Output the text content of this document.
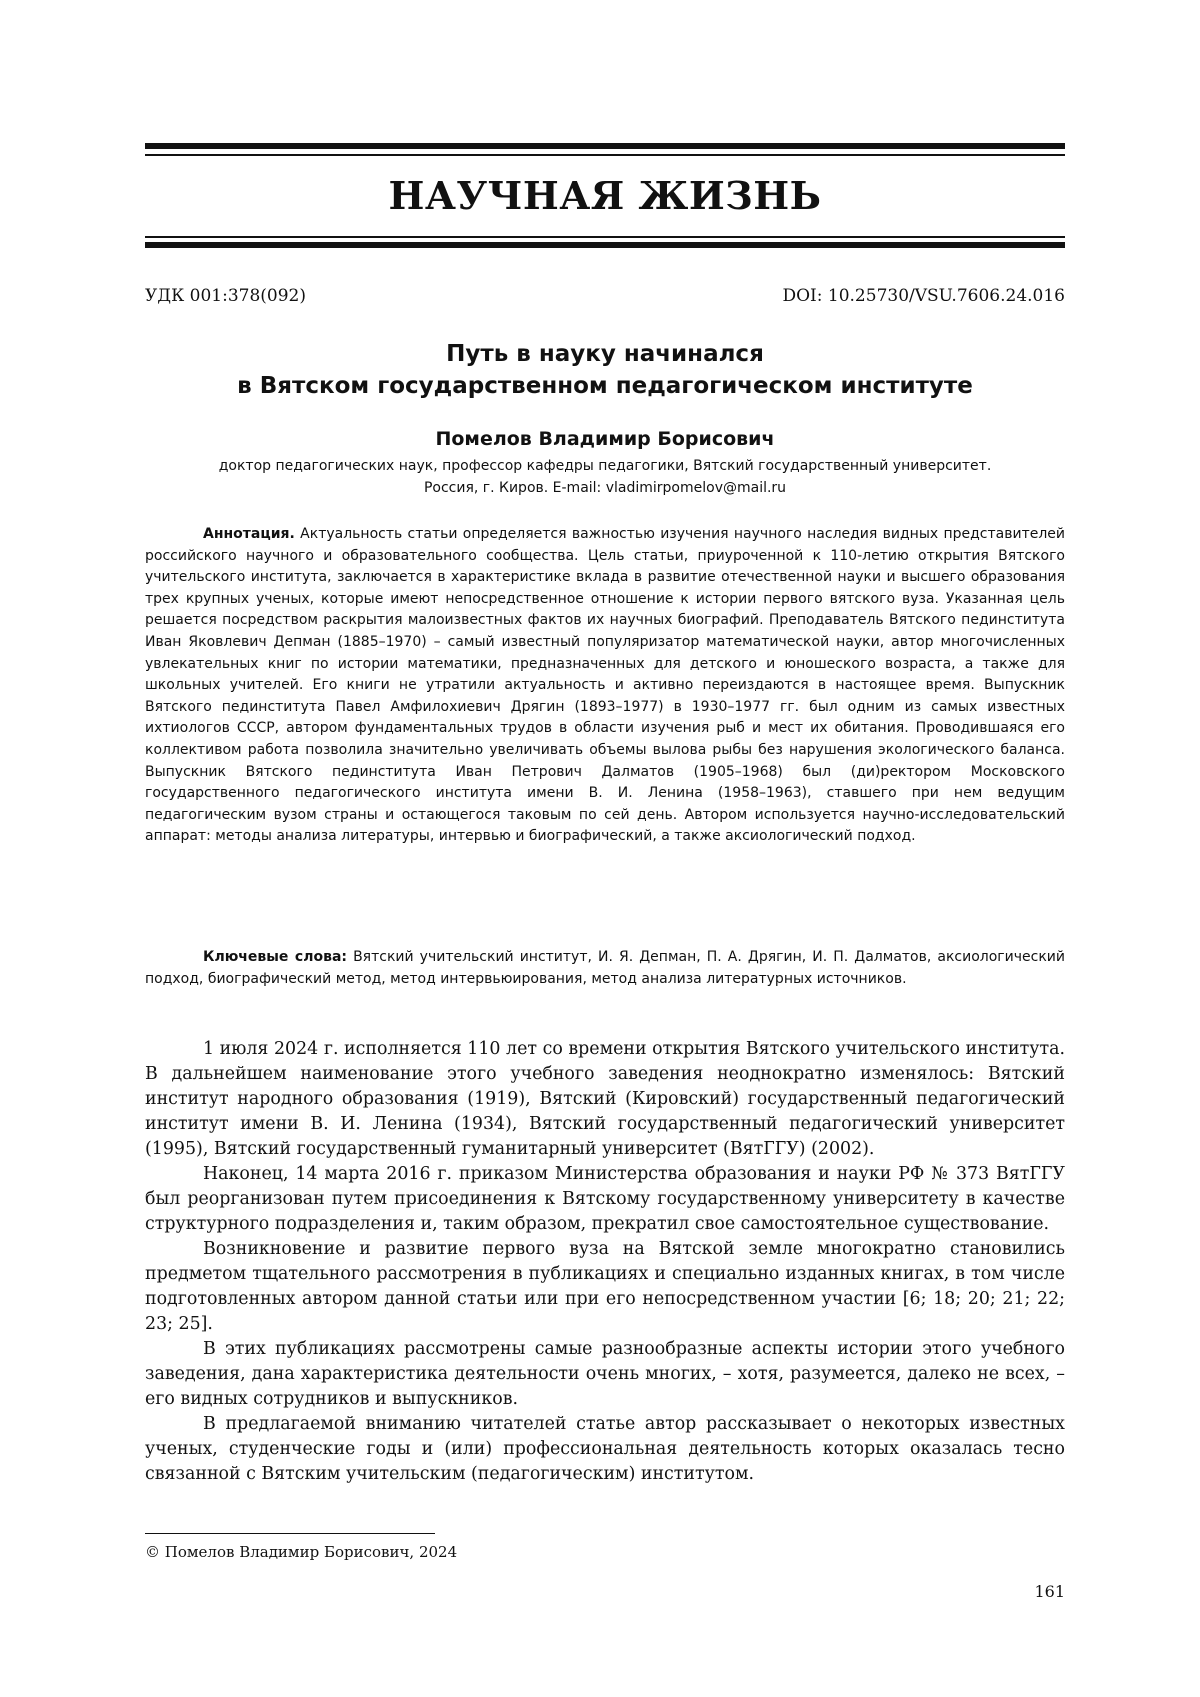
НАУЧНАЯ ЖИЗНЬ
УДК 001:378(092)	DOI: 10.25730/VSU.7606.24.016
Путь в науку начинался
в Вятском государственном педагогическом институте
Помелов Владимир Борисович
доктор педагогических наук, профессор кафедры педагогики, Вятский государственный университет.
Россия, г. Киров. E-mail: vladimirpomelov@mail.ru

Аннотация. Актуальность статьи определяется важностью изучения научного наследия видных представителей российского научного и образовательного сообщества. Цель статьи, приуроченной к 110-летию открытия Вятского учительского института, заключается в характеристике вклада в развитие отечественной науки и высшего образования трех крупных ученых, которые имеют непосредственное отношение к истории первого вятского вуза. Указанная цель решается посредством раскрытия малоизвестных фактов их научных биографий. Преподаватель Вятского пединститута Иван Яковлевич Депман (1885–1970) – самый известный популяризатор математической науки, автор многочисленных увлекательных книг по истории математики, предназначенных для детского и юношеского возраста, а также для школьных учителей. Его книги не утратили актуальность и активно переиздаются в настоящее время. Выпускник Вятского пединститута Павел Амфилохиевич Дрягин (1893–1977) в 1930–1977 гг. был одним из самых известных ихтиологов СССР, автором фундаментальных трудов в области изучения рыб и мест их обитания. Проводившаяся его коллективом работа позволила значительно увеличивать объемы вылова рыбы без нарушения экологического баланса. Выпускник Вятского пединститута Иван Петрович Далматов (1905–1968) был (ди)ректором Московского государственного педагогического института имени В. И. Ленина (1958–1963), ставшего при нем ведущим педагогическим вузом страны и остающегося таковым по сей день. Автором используется научно-исследовательский аппарат: методы анализа литературы, интервью и биографический, а также аксиологический подход.

Ключевые слова: Вятский учительский институт, И. Я. Депман, П. А. Дрягин, И. П. Далматов, аксиологический подход, биографический метод, метод интервьюирования, метод анализа литературных источников.

1 июля 2024 г. исполняется 110 лет со времени открытия Вятского учительского института. В дальнейшем наименование этого учебного заведения неоднократно изменялось: Вятский институт народного образования (1919), Вятский (Кировский) государственный педагогический институт имени В. И. Ленина (1934), Вятский государственный педагогический университет (1995), Вятский государственный гуманитарный университет (ВятГГУ) (2002).

Наконец, 14 марта 2016 г. приказом Министерства образования и науки РФ № 373 ВятГГУ был реорганизован путем присоединения к Вятскому государственному университету в качестве структурного подразделения и, таким образом, прекратил свое самостоятельное существование.

Возникновение и развитие первого вуза на Вятской земле многократно становились предметом тщательного рассмотрения в публикациях и специально изданных книгах, в том числе подготовленных автором данной статьи или при его непосредственном участии [6; 18; 20; 21; 22; 23; 25].

В этих публикациях рассмотрены самые разнообразные аспекты истории этого учебного заведения, дана характеристика деятельности очень многих, – хотя, разумеется, далеко не всех, – его видных сотрудников и выпускников.

В предлагаемой вниманию читателей статье автор рассказывает о некоторых известных ученых, студенческие годы и (или) профессиональная деятельность которых оказалась тесно связанной с Вятским учительским (педагогическим) институтом.

© Помелов Владимир Борисович, 2024
161
